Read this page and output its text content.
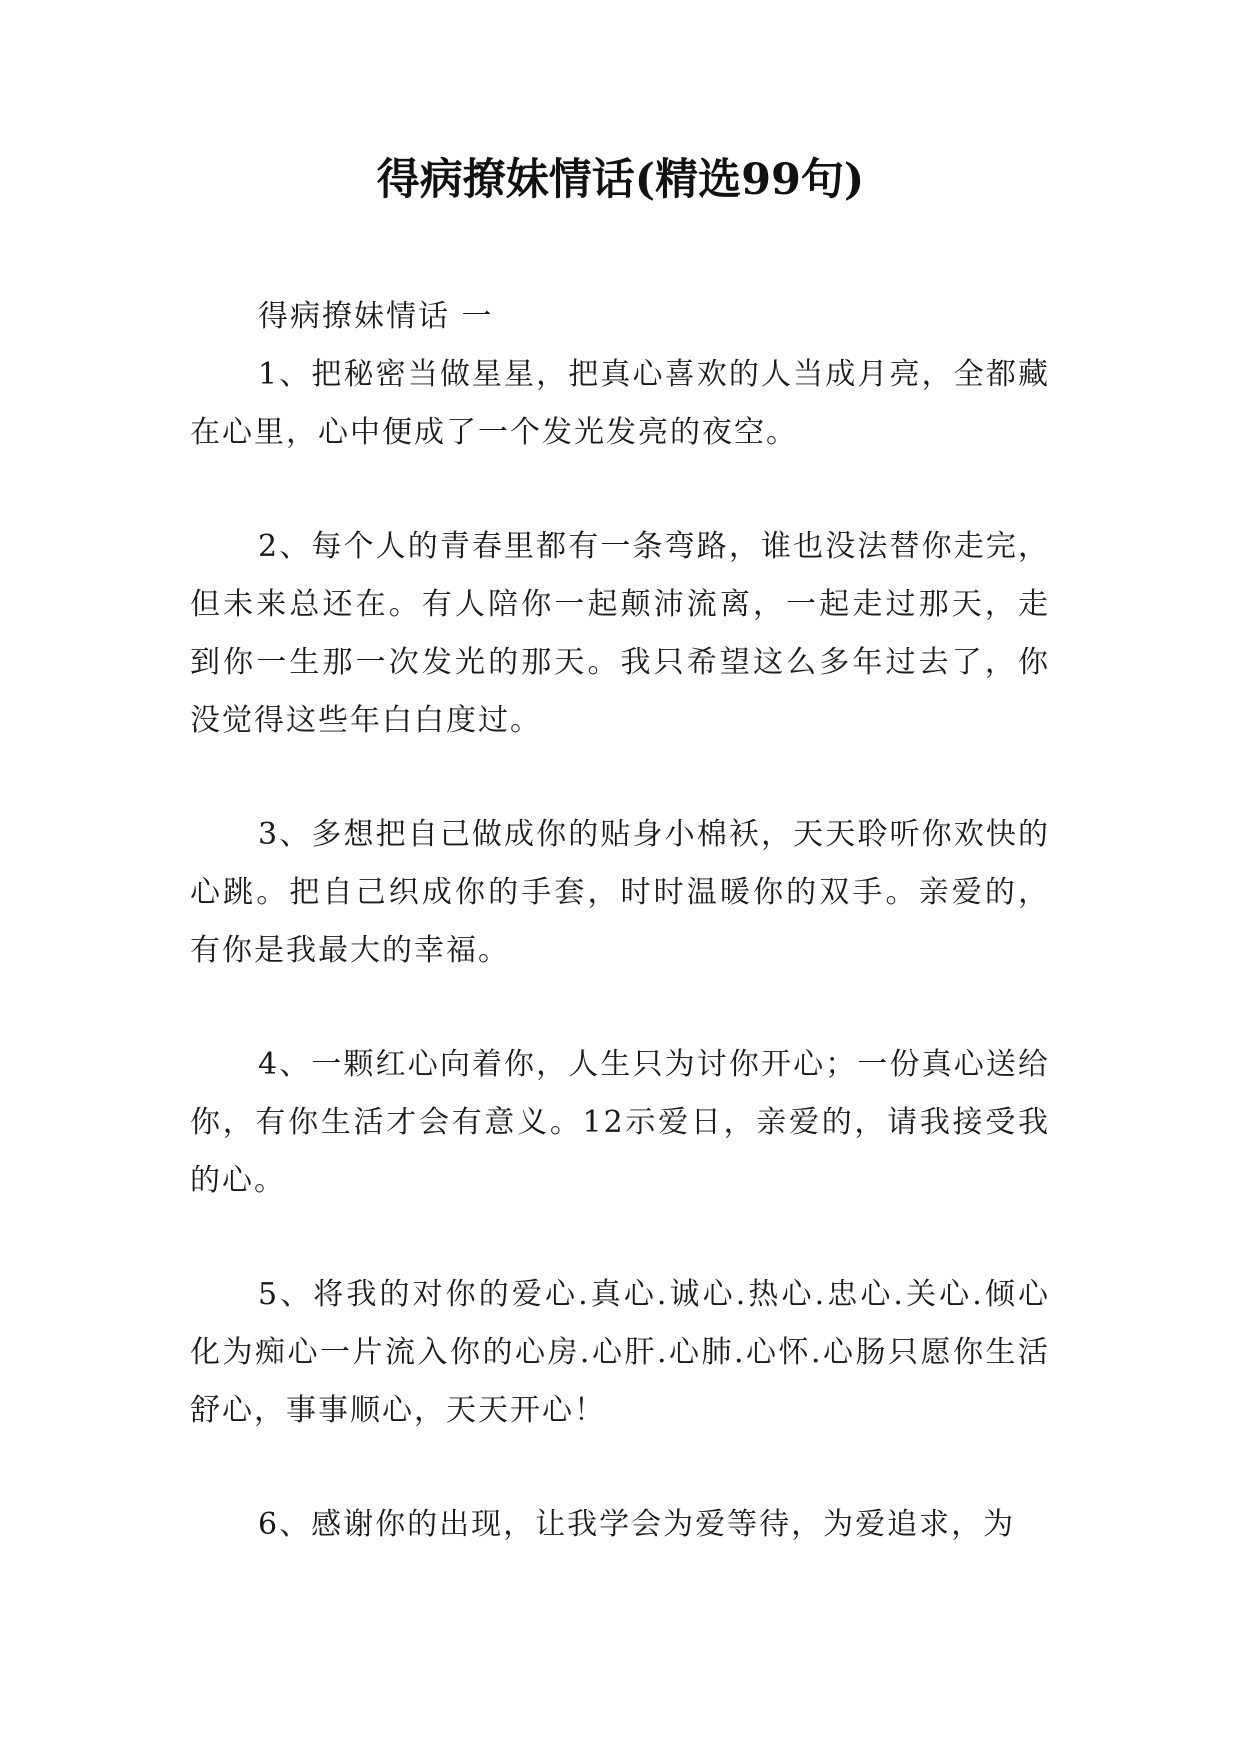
得病撩妹情话(精选99句)

得病撩妹情话 一

1、把秘密当做星星，把真心喜欢的人当成月亮，全都藏在心里，心中便成了一个发光发亮的夜空。

2、每个人的青春里都有一条弯路，谁也没法替你走完，但未来总还在。有人陪你一起颠沛流离，一起走过那天，走到你一生那一次发光的那天。我只希望这么多年过去了，你没觉得这些年白白度过。

3、多想把自己做成你的贴身小棉袄，天天聆听你欢快的心跳。把自己织成你的手套，时时温暖你的双手。亲爱的，有你是我最大的幸福。

4、一颗红心向着你，人生只为讨你开心；一份真心送给你，有你生活才会有意义。12示爱日，亲爱的，请我接受我的心。

5、将我的对你的爱心.真心.诚心.热心.忠心.关心.倾心化为痴心一片流入你的心房.心肝.心肺.心怀.心肠只愿你生活舒心，事事顺心，天天开心！

6、感谢你的出现，让我学会为爱等待，为爱追求，为
